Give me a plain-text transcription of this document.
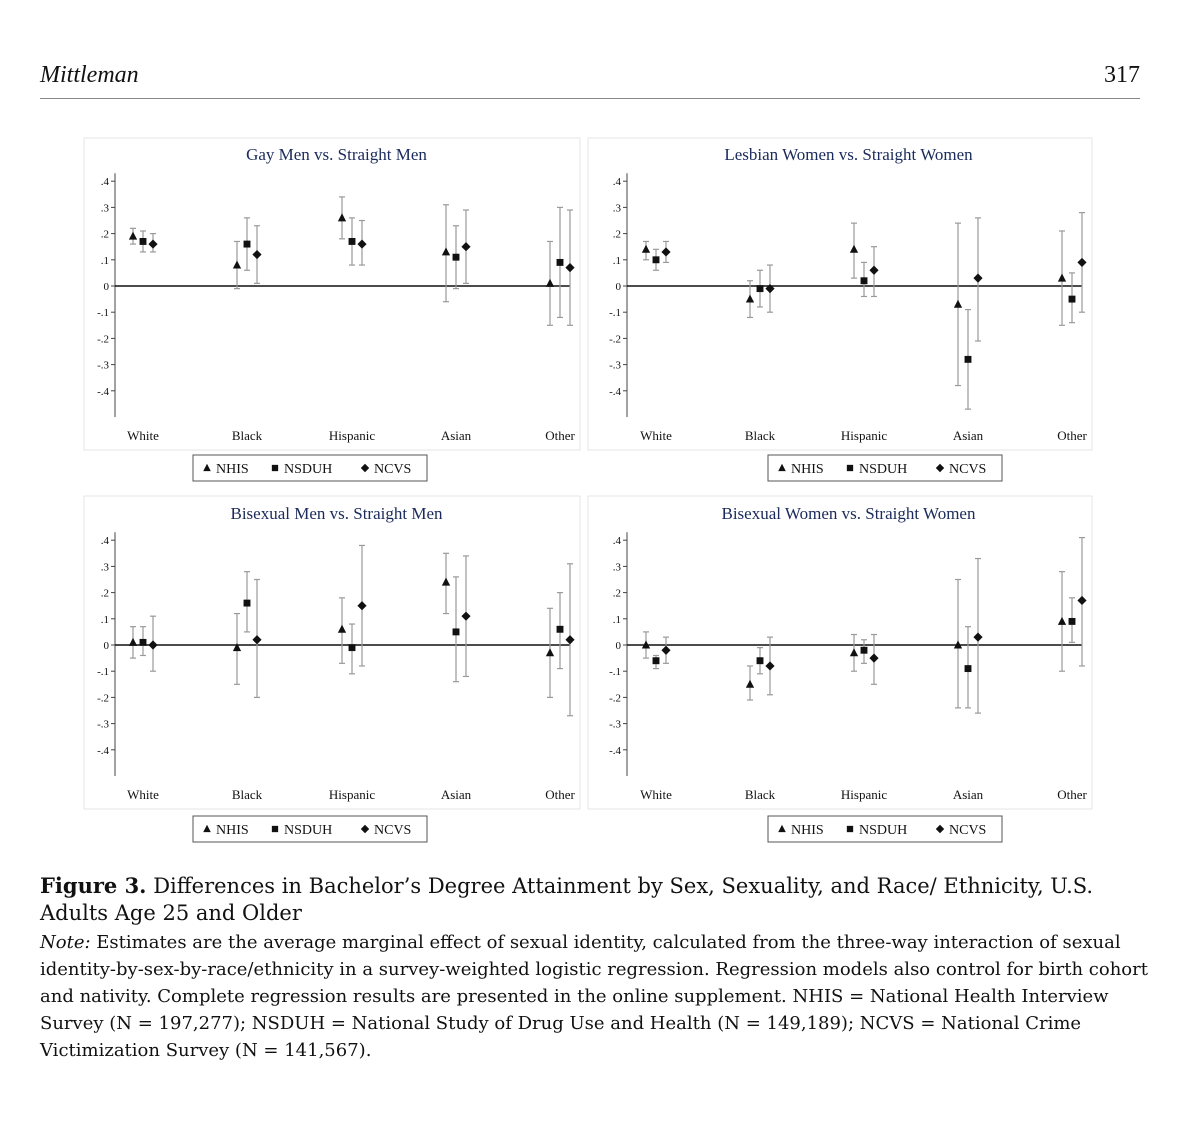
Mittleman	317
Gay Men vs. Straight Men
.4
.3
.2
.1
0
-.1
-.2
-.3
-.4
White	Black	Hispanic	Asian	Other
NHIS	NSDUH	NCVS
Lesbian Women vs. Straight Women
.4
.3
.2
.1
0
-.1
-.2
-.3
-.4
White	Black	Hispanic	Asian	Other
NHIS	NSDUH	NCVS
Bisexual Men vs. Straight Men
.4
.3
.2
.1
0
-.1
-.2
-.3
-.4
White	Black	Hispanic	Asian	Other
NHIS	NSDUH	NCVS
Bisexual Women vs. Straight Women
.4
.3
.2
.1
0
-.1
-.2
-.3
-.4
White	Black	Hispanic	Asian	Other
NHIS	NSDUH	NCVS
Figure 3. Differences in Bachelor’s Degree Attainment by Sex, Sexuality, and Race/ Ethnicity, U.S. Adults Age 25 and Older
Note: Estimates are the average marginal effect of sexual identity, calculated from the three-way interaction of sexual identity-by-sex-by-race/ethnicity in a survey-weighted logistic regression. Regression models also control for birth cohort and nativity. Complete regression results are presented in the online supplement. NHIS = National Health Interview Survey (N = 197,277); NSDUH = National Study of Drug Use and Health (N = 149,189); NCVS = National Crime Victimization Survey (N = 141,567).
